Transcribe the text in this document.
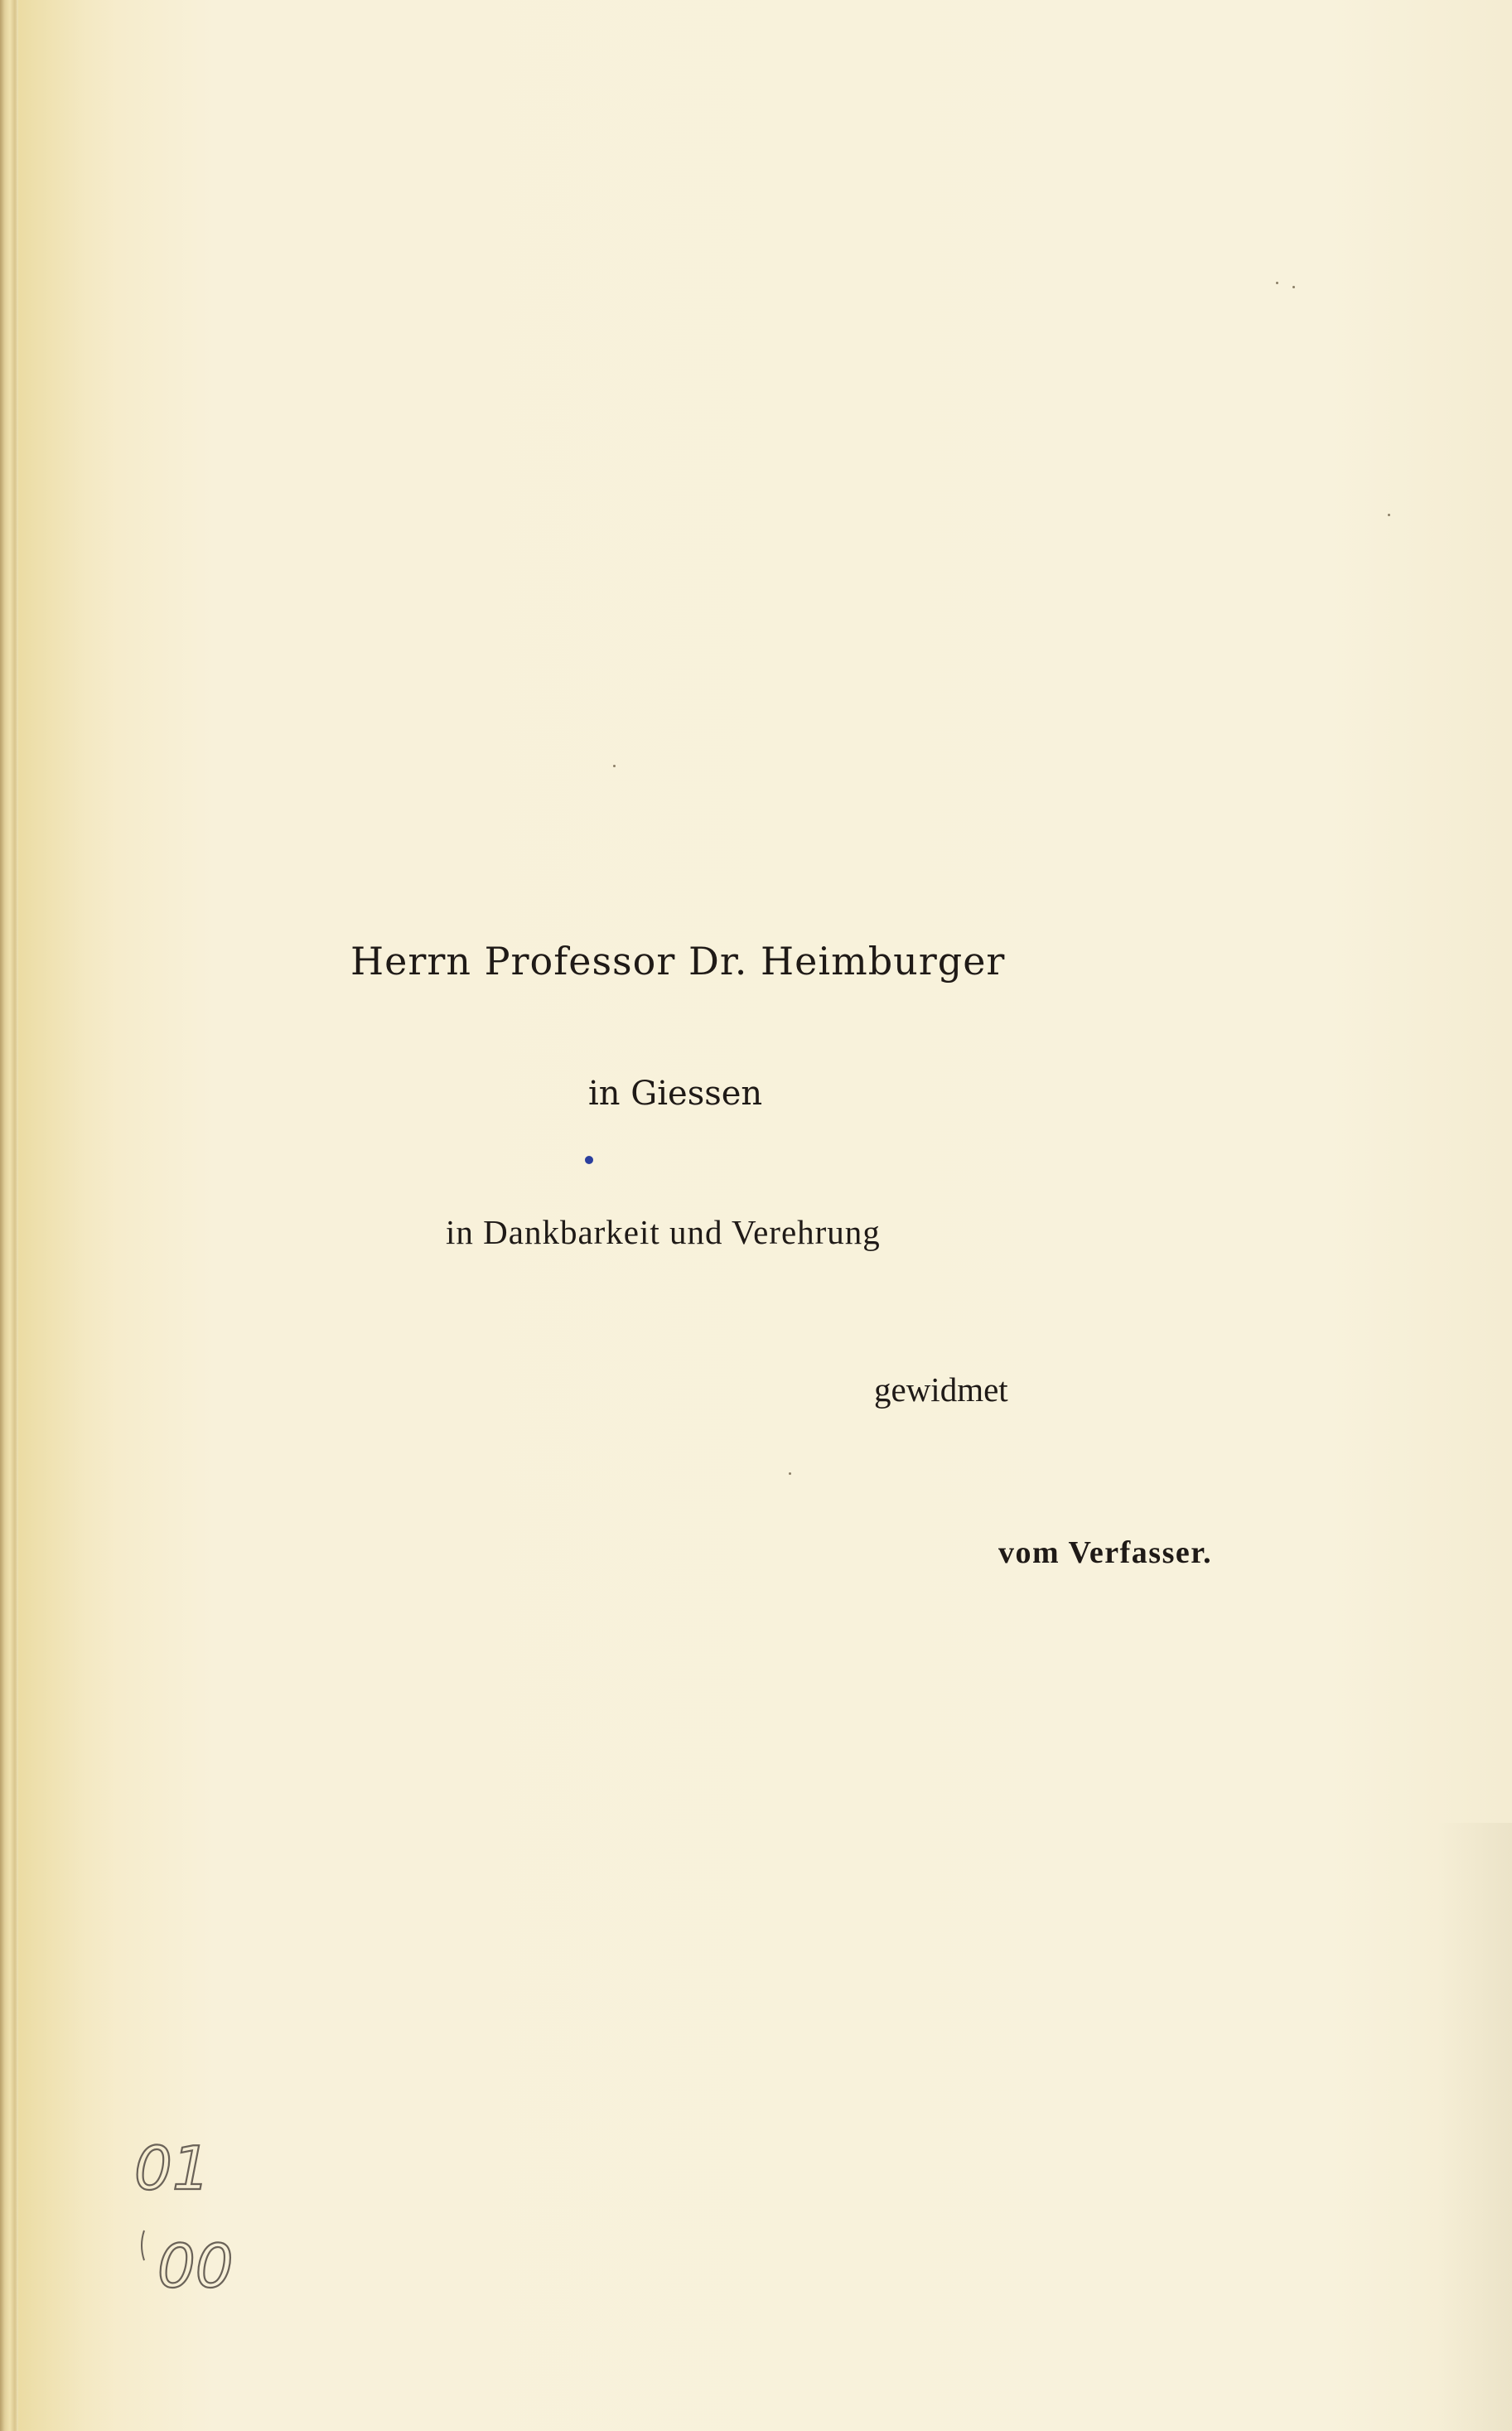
Herrn Professor Dr. Heimburger

in Giessen

in Dankbarkeit und Verehrung

gewidmet

vom Verfasser.

01
00
